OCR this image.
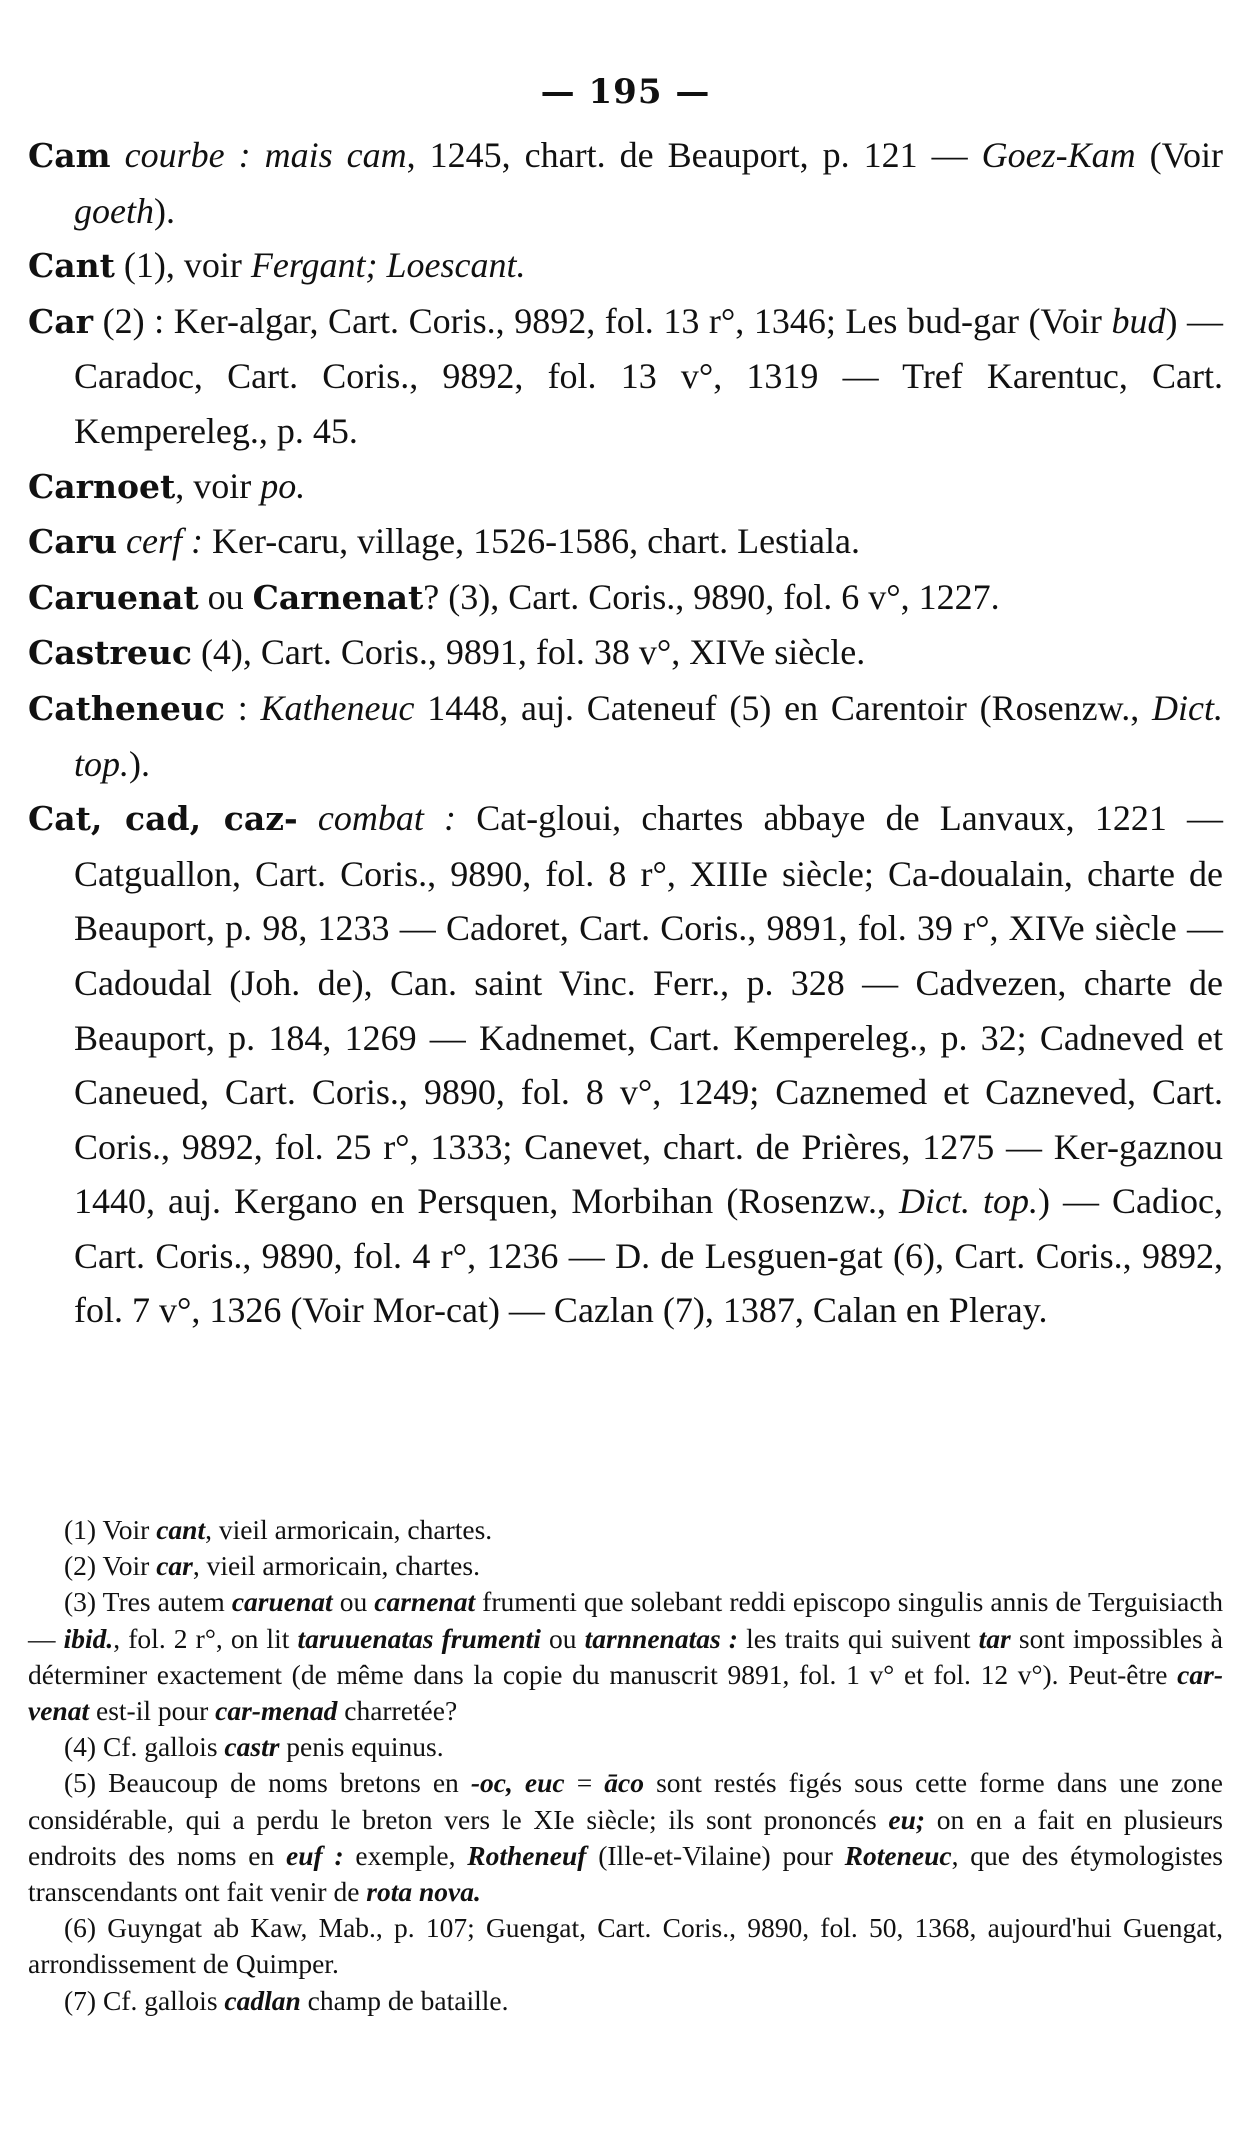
— 195 —

Cam courbe : mais cam, 1245, chart. de Beauport, p. 121 — Goez-Kam (Voir goeth).

Cant (1), voir Fergant; Loescant.

Car (2) : Ker-algar, Cart. Coris., 9892, fol. 13 r°, 1346; Les bud-gar (Voir bud) — Caradoc, Cart. Coris., 9892, fol. 13 v°, 1319 — Tref Karentuc, Cart. Kempereleg., p. 45.

Carnoet, voir po.

Caru cerf : Ker-caru, village, 1526-1586, chart. Lestiala.

Caruenat ou Carnenat? (3), Cart. Coris., 9890, fol. 6 v°, 1227.

Castreuc (4), Cart. Coris., 9891, fol. 38 v°, XIVe siècle.

Catheneuc : Katheneuc 1448, auj. Cateneuf (5) en Carentoir (Rosenzw., Dict. top.).

Cat, cad, caz- combat : Cat-gloui, chartes abbaye de Lanvaux, 1221 — Catguallon, Cart. Coris., 9890, fol. 8 r°, XIIIe siècle; Ca-doualain, charte de Beauport, p. 98, 1233 — Cadoret, Cart. Coris., 9891, fol. 39 r°, XIVe siècle — Cadoudal (Joh. de), Can. saint Vinc. Ferr., p. 328 — Cadvezen, charte de Beauport, p. 184, 1269 — Kadnemet, Cart. Kempereleg., p. 32; Cadneved et Caneued, Cart. Coris., 9890, fol. 8 v°, 1249; Caznemed et Cazneved, Cart. Coris., 9892, fol. 25 r°, 1333; Canevet, chart. de Prières, 1275 — Ker-gaznou 1440, auj. Kergano en Persquen, Morbihan (Rosenzw., Dict. top.) — Cadioc, Cart. Coris., 9890, fol. 4 r°, 1236 — D. de Lesguen-gat (6), Cart. Coris., 9892, fol. 7 v°, 1326 (Voir Mor-cat) — Cazlan (7), 1387, Calan en Pleray.

(1) Voir cant, vieil armoricain, chartes.

(2) Voir car, vieil armoricain, chartes.

(3) Tres autem caruenat ou carnenat frumenti que solebant reddi episcopo singulis annis de Terguisiacth — ibid., fol. 2 r°, on lit taruuenatas frumenti ou tarnnenatas : les traits qui suivent tar sont impossibles à déterminer exactement (de même dans la copie du manuscrit 9891, fol. 1 v° et fol. 12 v°). Peut-être car-venat est-il pour car-menad charretée?

(4) Cf. gallois castr penis equinus.

(5) Beaucoup de noms bretons en -oc, euc = āco sont restés figés sous cette forme dans une zone considérable, qui a perdu le breton vers le XIe siècle; ils sont prononcés eu; on en a fait en plusieurs endroits des noms en euf : exemple, Rotheneuf (Ille-et-Vilaine) pour Roteneuc, que des étymologistes transcendants ont fait venir de rota nova.

(6) Guyngat ab Kaw, Mab., p. 107; Guengat, Cart. Coris., 9890, fol. 50, 1368, aujourd'hui Guengat, arrondissement de Quimper.

(7) Cf. gallois cadlan champ de bataille.
